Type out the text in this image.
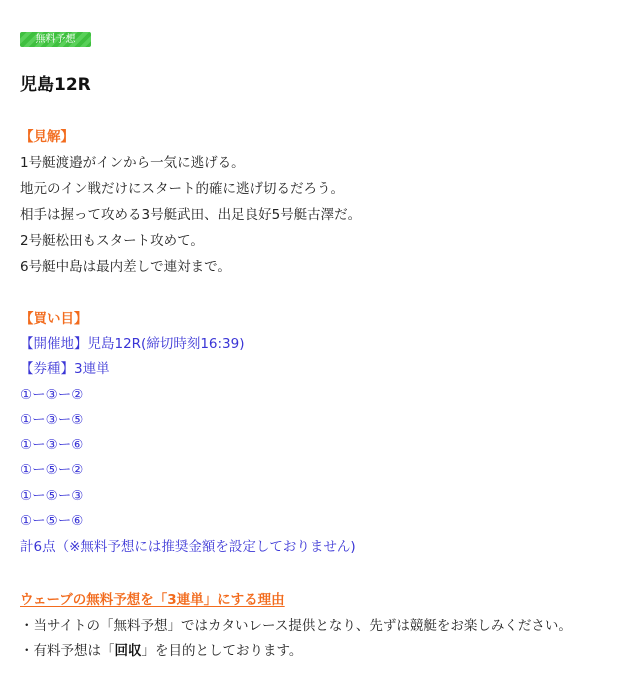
無料予想
児島12R
【見解】
1号艇渡邉がインから一気に逃げる。
地元のイン戦だけにスタート的確に逃げ切るだろう。
相手は握って攻める3号艇武田、出足良好5号艇古澤だ。
2号艇松田もスタート攻めて。
6号艇中島は最内差しで連対まで。
【買い目】
【開催地】児島12R(締切時刻16:39)
【券種】3連単
①ー③ー②
①ー③ー⑤
①ー③ー⑥
①ー⑤ー②
①ー⑤ー③
①ー⑤ー⑥
計6点（※無料予想には推奨金額を設定しておりません)
ウェーブの無料予想を「3連単」にする理由
・当サイトの「無料予想」ではカタいレース提供となり、先ずは競艇をお楽しみください。
・有料予想は「回収」を目的としております。
